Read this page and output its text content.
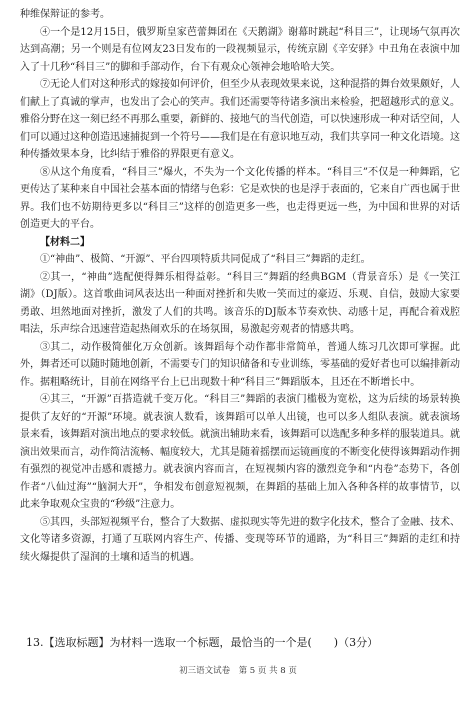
种维保辩证的参考。

④一个是12月15日，俄罗斯皇家芭蕾舞团在《天鹅湖》谢幕时跳起“科目三”，让现场气氛再次达到高潮；另一个则是有位网友23日发布的一段视频显示，传统京剧《辛安驿》中丑角在表演中加入了十几秒“科目三”的脚和手部动作，台下有观众心领神会地哈哈大笑。

⑦无论人们对这种形式的嫁接如何评价，但至少从表现效果来说，这种混搭的舞台效果颇好，人们献上了真诚的掌声，也发出了会心的笑声。我们还需要等待诸多演出来检验，把超越形式的意义。雅俗分野在这一刻已经不再那么重要，新鲜的、接地气的当代创造，可以快速形成一种对话空间，人们可以通过这种创造迅速捕捉到一个符号——我们是在有意识地互动，我们共享同一种文化语境。这种传播效果本身，比纠结于雅俗的界限更有意义。

⑧从这个角度看，“科目三”爆火，不失为一个文化传播的样本。“科目三”不仅是一种舞蹈，它更传达了某种来自中国社会基本面的情绪与色彩：它是欢快的也是浮于表面的，它来自广西也属于世界。我们也不妨期待更多以“科目三”这样的创造更多一些，也走得更远一些，为中国和世界的对话创造更大的平台。

【材料二】

①“神曲”、极简、“开源”、平台四项特质共同促成了“科目三”舞蹈的走红。

②其一，“神曲”选配便得舞乐相得益彰。“科目三”舞蹈的经典BGM（背景音乐）是《一笑江湖》（DJ版）。这首歌曲词风表达出一种面对挫折和失败一笑而过的豪迈、乐观、自信，鼓励大家要勇敢、坦然地面对挫折，激发了人们的共鸣。该音乐的DJ版本节奏欢快、动感十足，再配合着戏腔唱法，乐声综合迅速营造起热闹欢乐的在场氛围，易激起旁观者的情感共鸣。

③其二，动作极简催化万众创新。该舞蹈每个动作都非常简单，普通人练习几次即可掌握。此外，舞者还可以随时随地创新，不需要专门的知识储备和专业训练，零基础的爱好者也可以编排新动作。据粗略统计，目前在网络平台上已出现数十种“科目三”舞蹈版本，且还在不断增长中。

④其三，“开源”百搭造就千变万化。“科目三”舞蹈的表演门槛极为宽松，这为后续的场景转换提供了友好的“开源”环境。就表演人数看，该舞蹈可以单人出镜，也可以多人组队表演。就表演场景来看，该舞蹈对演出地点的要求较低。就演出辅助来看，该舞蹈可以选配多种多样的服装道具。就演出效果而言，动作简洁流畅、幅度较大，尤其是随着摇摆而运镜画度的不断变化使得该舞蹈动作拥有强烈的视觉冲击感和震撼力。就表演内容而言，在短视频内容的激烈竞争和“内卷”态势下，各创作者“八仙过海”“脑洞大开”，争相发布创意短视频，在舞蹈的基础上加入各种各样的故事情节，以此来争取观众宝贵的“秒级”注意力。

⑤其四，头部短视频平台，整合了大数据、虚拟现实等先进的数字化技术，整合了金融、技术、文化等诸多资源，打通了互联网内容生产、传播、变现等环节的通路，为“科目三”舞蹈的走红和持续火爆提供了湿润的土壤和适当的机遇。

13.【选取标题】为材料一选取一个标题，最恰当的一个是(　　)（3分）
初三语文试卷　第 5 页 共 8 页
